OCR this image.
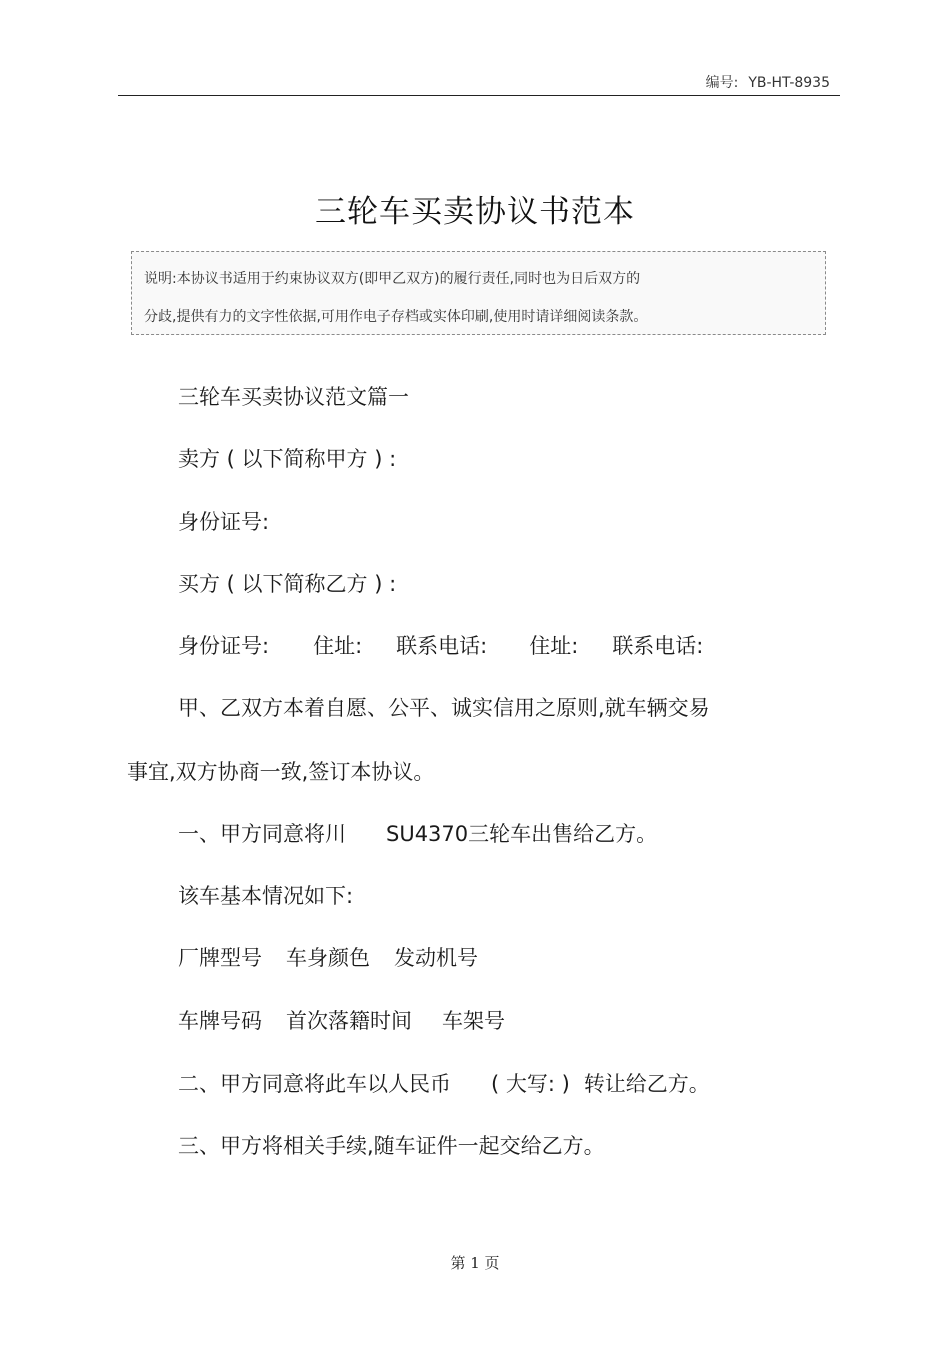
编号: YB-HT-8935
三轮车买卖协议书范本

说明:本协议书适用于约束协议双方(即甲乙双方)的履行责任,同时也为日后双方的

分歧,提供有力的文字性依据,可用作电子存档或实体印刷,使用时请详细阅读条款。

三轮车买卖协议范文篇一
卖方 ( 以下简称甲方 ) :
身份证号:
买方 ( 以下简称乙方 ) :
身份证号: 住址: 联系电话: 住址: 联系电话:
甲、乙双方本着自愿、公平、诚实信用之原则,就车辆交易
事宜,双方协商一致,签订本协议。
一、甲方同意将川 SU4370三轮车出售给乙方。
该车基本情况如下:
厂牌型号 车身颜色 发动机号
车牌号码 首次落籍时间 车架号
二、甲方同意将此车以人民币 ( 大写: ) 转让给乙方。
三、甲方将相关手续,随车证件一起交给乙方。
第 1 页
